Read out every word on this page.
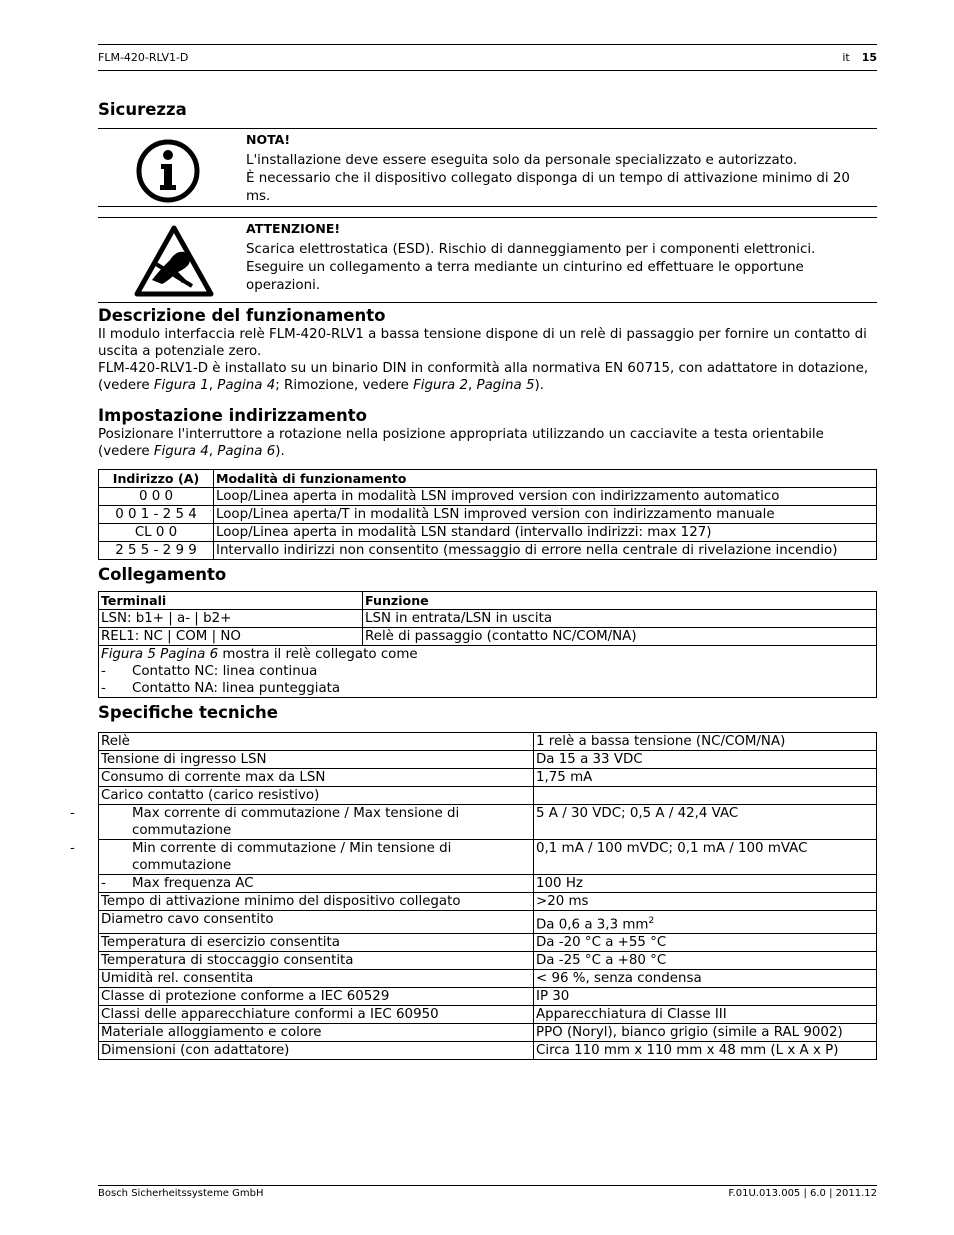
FLM-420-RLV1-D	it 15
Sicurezza
NOTA!
L'installazione deve essere eseguita solo da personale specializzato e autorizzato.
È necessario che il dispositivo collegato disponga di un tempo di attivazione minimo di 20 ms.
ATTENZIONE!
Scarica elettrostatica (ESD). Rischio di danneggiamento per i componenti elettronici.
Eseguire un collegamento a terra mediante un cinturino ed effettuare le opportune operazioni.
Descrizione del funzionamento

Il modulo interfaccia relè FLM-420-RLV1 a bassa tensione dispone di un relè di passaggio per fornire un contatto di uscita a potenziale zero.

FLM-420-RLV1-D è installato su un binario DIN in conformità alla normativa EN 60715, con adattatore in dotazione, (vedere Figura 1, Pagina 4; Rimozione, vedere Figura 2, Pagina 5).

Impostazione indirizzamento

Posizionare l'interruttore a rotazione nella posizione appropriata utilizzando un cacciavite a testa orientabile (vedere Figura 4, Pagina 6).

Indirizzo (A)	Modalità di funzionamento
0 0 0	Loop/Linea aperta in modalità LSN improved version con indirizzamento automatico
0 0 1 - 2 5 4	Loop/Linea aperta/T in modalità LSN improved version con indirizzamento manuale
CL 0 0	Loop/Linea aperta in modalità LSN standard (intervallo indirizzi: max 127)
2 5 5 - 2 9 9	Intervallo indirizzi non consentito (messaggio di errore nella centrale di rivelazione incendio)
Collegamento
Terminali	Funzione
LSN: b1+ | a- | b2+	LSN in entrata/LSN in uscita
REL1: NC | COM | NO	Relè di passaggio (contatto NC/COM/NA)

Figura 5 Pagina 6 mostra il relè collegato come
- Contatto NC: linea continua
- Contatto NA: linea punteggiata	
Specifiche tecniche
Relè	1 relè a bassa tensione (NC/COM/NA)
Tensione di ingresso LSN	Da 15 a 33 VDC
Consumo di corrente max da LSN	1,75 mA
Carico contatto (carico resistivo)	
- Max corrente di commutazione / Max tensione di commutazione	5 A / 30 VDC; 0,5 A / 42,4 VAC
- Min corrente di commutazione / Min tensione di commutazione	0,1 mA / 100 mVDC; 0,1 mA / 100 mVAC
- Max frequenza AC	100 Hz
Tempo di attivazione minimo del dispositivo collegato	>20 ms
Diametro cavo consentito	Da 0,6 a 3,3 $mm^2$
Temperatura di esercizio consentita	Da -20 °C a +55 °C
Temperatura di stoccaggio consentita	Da -25 °C a +80 °C
Umidità rel. consentita	< 96 %, senza condensa
Classe di protezione conforme a IEC 60529	IP 30
Classi delle apparecchiature conformi a IEC 60950	Apparecchiatura di Classe III
Materiale alloggiamento e colore	PPO (Noryl), bianco grigio (simile a RAL 9002)
Dimensioni (con adattatore)	Circa 110 mm x 110 mm x 48 mm (L x A x P)
Bosch Sicherheitssysteme GmbH	F.01U.013.005 | 6.0 | 2011.12
